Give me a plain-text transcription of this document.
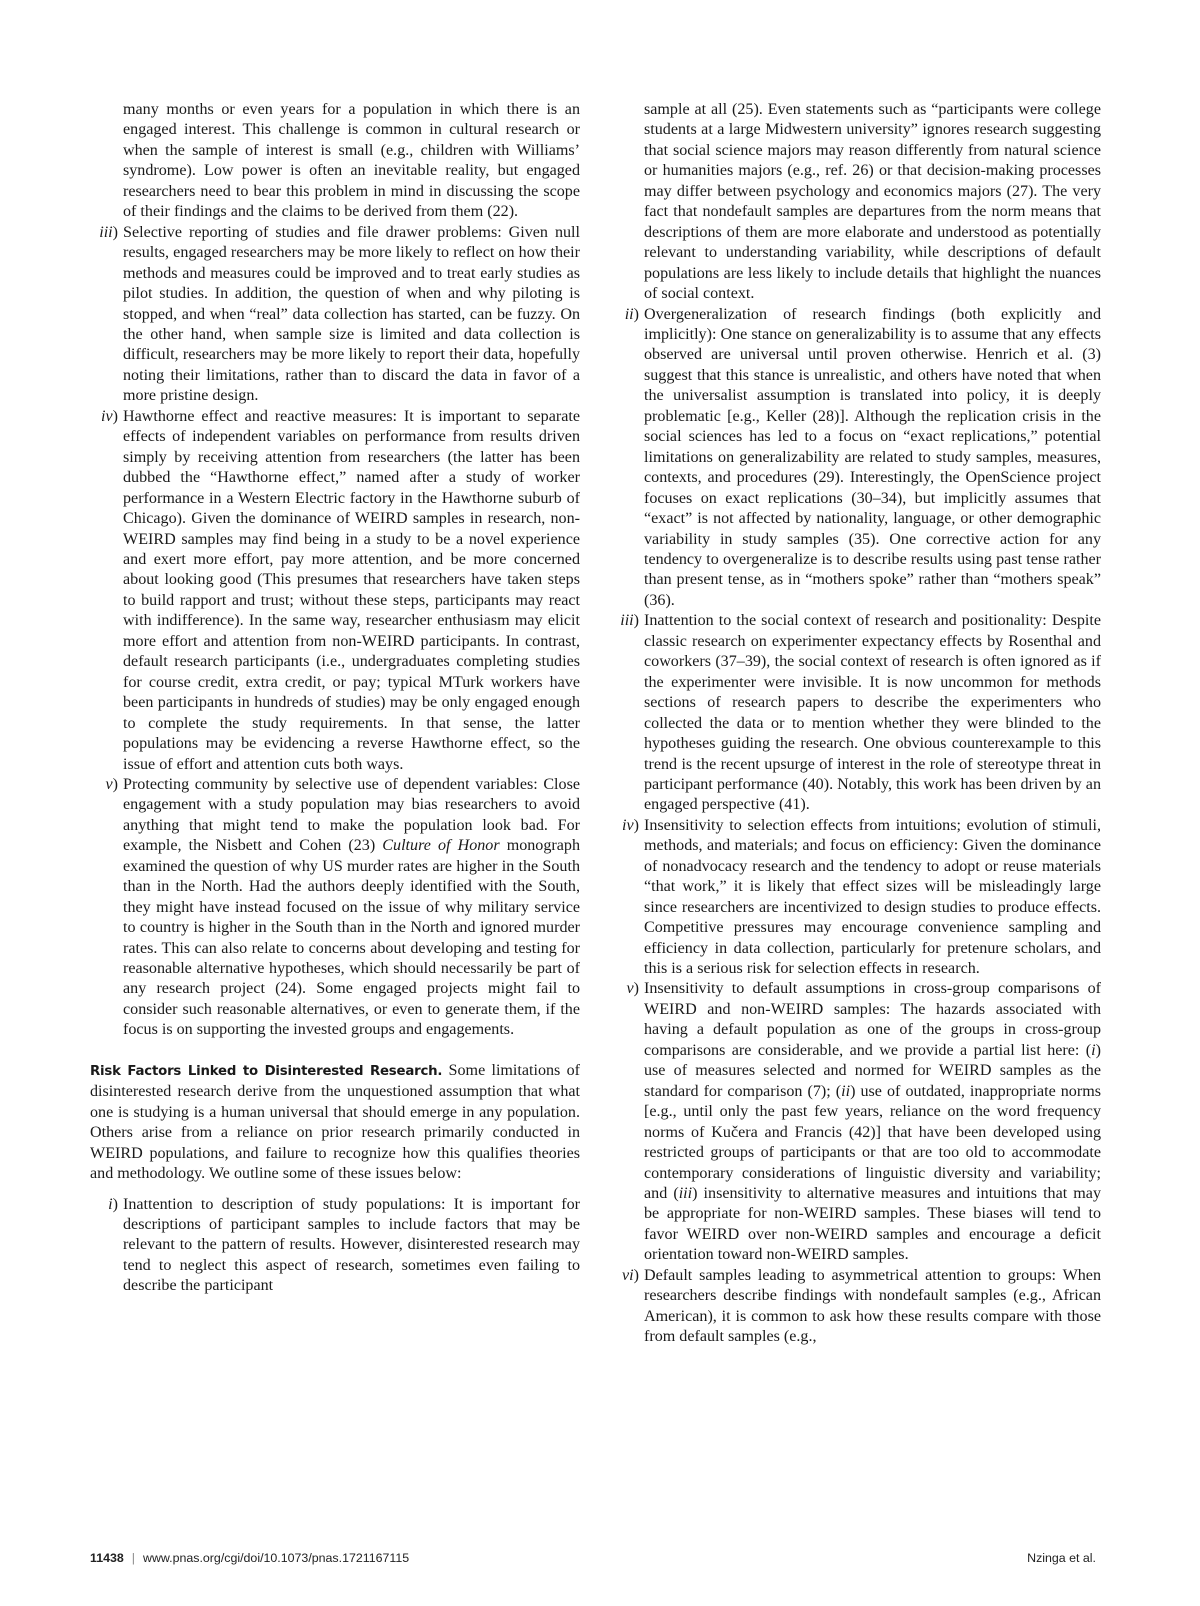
many months or even years for a population in which there is an engaged interest. This challenge is common in cultural research or when the sample of interest is small (e.g., children with Williams’ syndrome). Low power is often an inevitable reality, but engaged researchers need to bear this problem in mind in discussing the scope of their findings and the claims to be derived from them (22).

iii) Selective reporting of studies and file drawer problems: Given null results, engaged researchers may be more likely to reflect on how their methods and measures could be improved and to treat early studies as pilot studies. In addition, the question of when and why piloting is stopped, and when “real” data collection has started, can be fuzzy. On the other hand, when sample size is limited and data collection is difficult, researchers may be more likely to report their data, hopefully noting their limitations, rather than to discard the data in favor of a more pristine design.
iv) Hawthorne effect and reactive measures: It is important to separate effects of independent variables on performance from results driven simply by receiving attention from researchers (the latter has been dubbed the “Hawthorne effect,” named after a study of worker performance in a Western Electric factory in the Hawthorne suburb of Chicago). Given the dominance of WEIRD samples in research, non-WEIRD samples may find being in a study to be a novel experience and exert more effort, pay more attention, and be more concerned about looking good (This presumes that researchers have taken steps to build rapport and trust; without these steps, participants may react with indifference). In the same way, researcher enthusiasm may elicit more effort and attention from non-WEIRD participants. In contrast, default research participants (i.e., undergraduates completing studies for course credit, extra credit, or pay; typical MTurk workers have been participants in hundreds of studies) may be only engaged enough to complete the study requirements. In that sense, the latter populations may be evidencing a reverse Hawthorne effect, so the issue of effort and attention cuts both ways.
v) Protecting community by selective use of dependent variables: Close engagement with a study population may bias researchers to avoid anything that might tend to make the population look bad. For example, the Nisbett and Cohen (23) Culture of Honor monograph examined the question of why US murder rates are higher in the South than in the North. Had the authors deeply identified with the South, they might have instead focused on the issue of why military service to country is higher in the South than in the North and ignored murder rates. This can also relate to concerns about developing and testing for reasonable alternative hypotheses, which should necessarily be part of any research project (24). Some engaged projects might fail to consider such reasonable alternatives, or even to generate them, if the focus is on supporting the invested groups and engagements.

Risk Factors Linked to Disinterested Research. Some limitations of disinterested research derive from the unquestioned assumption that what one is studying is a human universal that should emerge in any population. Others arise from a reliance on prior research primarily conducted in WEIRD populations, and failure to recognize how this qualifies theories and methodology. We outline some of these issues below:

i) Inattention to description of study populations: It is important for descriptions of participant samples to include factors that may be relevant to the pattern of results. However, disinterested research may tend to neglect this aspect of research, sometimes even failing to describe the participant

sample at all (25). Even statements such as “participants were college students at a large Midwestern university” ignores research suggesting that social science majors may reason differently from natural science or humanities majors (e.g., ref. 26) or that decision-making processes may differ between psychology and economics majors (27). The very fact that nondefault samples are departures from the norm means that descriptions of them are more elaborate and understood as potentially relevant to understanding variability, while descriptions of default populations are less likely to include details that highlight the nuances of social context.

ii) Overgeneralization of research findings (both explicitly and implicitly): One stance on generalizability is to assume that any effects observed are universal until proven otherwise. Henrich et al. (3) suggest that this stance is unrealistic, and others have noted that when the universalist assumption is translated into policy, it is deeply problematic [e.g., Keller (28)]. Although the replication crisis in the social sciences has led to a focus on “exact replications,” potential limitations on generalizability are related to study samples, measures, contexts, and procedures (29). Interestingly, the OpenScience project focuses on exact replications (30–34), but implicitly assumes that “exact” is not affected by nationality, language, or other demographic variability in study samples (35). One corrective action for any tendency to overgeneralize is to describe results using past tense rather than present tense, as in “mothers spoke” rather than “mothers speak” (36).
iii) Inattention to the social context of research and positionality: Despite classic research on experimenter expectancy effects by Rosenthal and coworkers (37–39), the social context of research is often ignored as if the experimenter were invisible. It is now uncommon for methods sections of research papers to describe the experimenters who collected the data or to mention whether they were blinded to the hypotheses guiding the research. One obvious counterexample to this trend is the recent upsurge of interest in the role of stereotype threat in participant performance (40). Notably, this work has been driven by an engaged perspective (41).
iv) Insensitivity to selection effects from intuitions; evolution of stimuli, methods, and materials; and focus on efficiency: Given the dominance of nonadvocacy research and the tendency to adopt or reuse materials “that work,” it is likely that effect sizes will be misleadingly large since researchers are incentivized to design studies to produce effects. Competitive pressures may encourage convenience sampling and efficiency in data collection, particularly for pretenure scholars, and this is a serious risk for selection effects in research.
v) Insensitivity to default assumptions in cross-group comparisons of WEIRD and non-WEIRD samples: The hazards associated with having a default population as one of the groups in cross-group comparisons are considerable, and we provide a partial list here: (i) use of measures selected and normed for WEIRD samples as the standard for comparison (7); (ii) use of outdated, inappropriate norms [e.g., until only the past few years, reliance on the word frequency norms of Kučera and Francis (42)] that have been developed using restricted groups of participants or that are too old to accommodate contemporary considerations of linguistic diversity and variability; and (iii) insensitivity to alternative measures and intuitions that may be appropriate for non-WEIRD samples. These biases will tend to favor WEIRD over non-WEIRD samples and encourage a deficit orientation toward non-WEIRD samples.
vi) Default samples leading to asymmetrical attention to groups: When researchers describe findings with nondefault samples (e.g., African American), it is common to ask how these results compare with those from default samples (e.g.,
11438 | www.pnas.org/cgi/doi/10.1073/pnas.1721167115	Nzinga et al.
